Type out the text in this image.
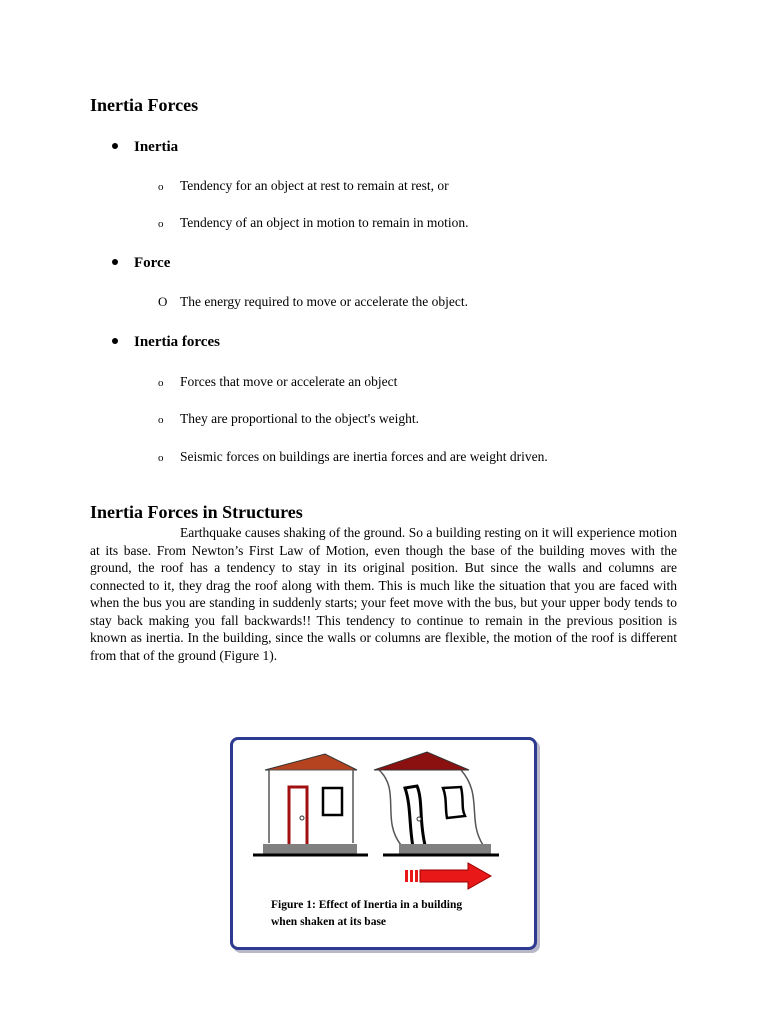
Inertia Forces
Inertia
o Tendency for an object at rest to remain at rest, or
o Tendency of an object in motion to remain in motion.
Force
O The energy required to move or accelerate the object.
Inertia forces
o Forces that move or accelerate an object
o They are proportional to the object's weight.
o Seismic forces on buildings are inertia forces and are weight driven.
Inertia Forces in Structures

Earthquake causes shaking of the ground. So a building resting on it will experience motion at its base. From Newton’s First Law of Motion, even though the base of the building moves with the ground, the roof has a tendency to stay in its original position. But since the walls and columns are connected to it, they drag the roof along with them. This is much like the situation that you are faced with when the bus you are standing in suddenly starts; your feet move with the bus, but your upper body tends to stay back making you fall backwards!! This tendency to continue to remain in the previous position is known as inertia. In the building, since the walls or columns are flexible, the motion of the roof is different from that of the ground (Figure 1).

Figure 1: Effect of Inertia in a building
when shaken at its base
